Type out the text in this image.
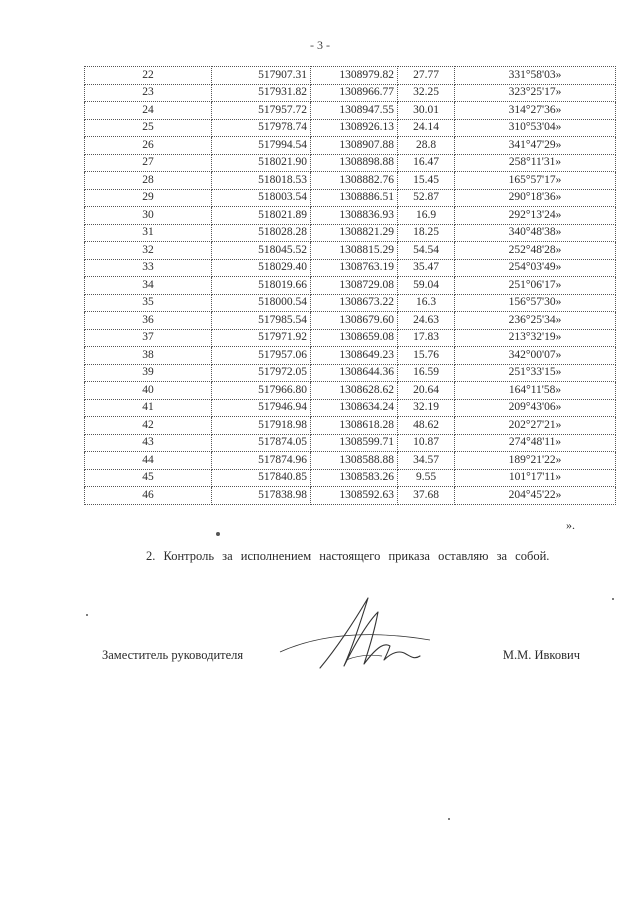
- 3 -
22	517907.31	1308979.82	27.77	331°58'03»
23	517931.82	1308966.77	32.25	323°25'17»
24	517957.72	1308947.55	30.01	314°27'36»
25	517978.74	1308926.13	24.14	310°53'04»
26	517994.54	1308907.88	28.8	341°47'29»
27	518021.90	1308898.88	16.47	258°11'31»
28	518018.53	1308882.76	15.45	165°57'17»
29	518003.54	1308886.51	52.87	290°18'36»
30	518021.89	1308836.93	16.9	292°13'24»
31	518028.28	1308821.29	18.25	340°48'38»
32	518045.52	1308815.29	54.54	252°48'28»
33	518029.40	1308763.19	35.47	254°03'49»
34	518019.66	1308729.08	59.04	251°06'17»
35	518000.54	1308673.22	16.3	156°57'30»
36	517985.54	1308679.60	24.63	236°25'34»
37	517971.92	1308659.08	17.83	213°32'19»
38	517957.06	1308649.23	15.76	342°00'07»
39	517972.05	1308644.36	16.59	251°33'15»
40	517966.80	1308628.62	20.64	164°11'58»
41	517946.94	1308634.24	32.19	209°43'06»
42	517918.98	1308618.28	48.62	202°27'21»
43	517874.05	1308599.71	10.87	274°48'11»
44	517874.96	1308588.88	34.57	189°21'22»
45	517840.85	1308583.26	9.55	101°17'11»
46	517838.98	1308592.63	37.68	204°45'22»
».
2. Контроль за исполнением настоящего приказа оставляю за собой.
Заместитель руководителя	М.М. Ивкович
